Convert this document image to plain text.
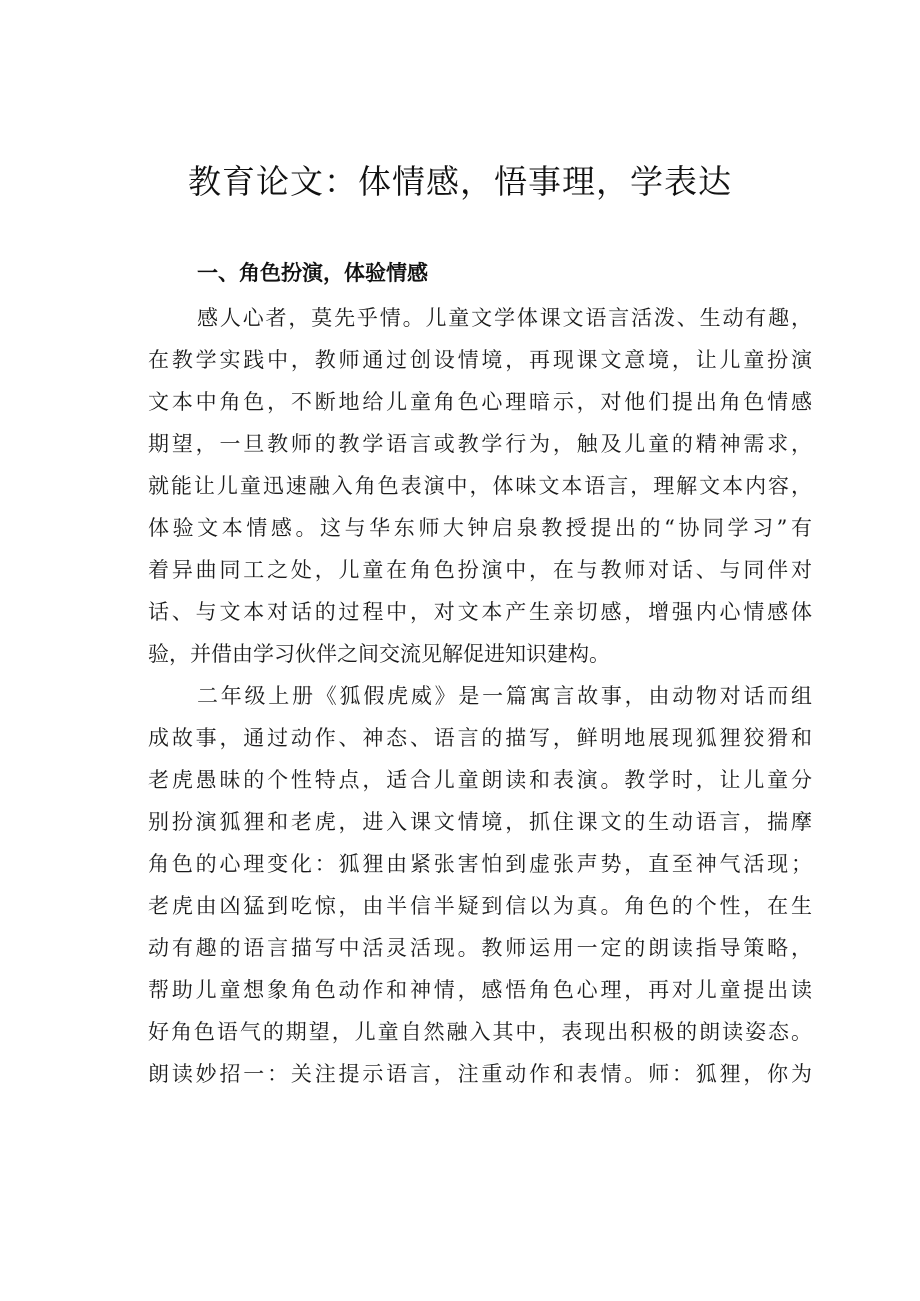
教育论文：体情感，悟事理，学表达
一、角色扮演，体验情感
感人心者，莫先乎情。儿童文学体课文语言活泼、生动有趣，
在教学实践中，教师通过创设情境，再现课文意境，让儿童扮演
文本中角色，不断地给儿童角色心理暗示，对他们提出角色情感
期望，一旦教师的教学语言或教学行为，触及儿童的精神需求，
就能让儿童迅速融入角色表演中，体味文本语言，理解文本内容，
体验文本情感。这与华东师大钟启泉教授提出的“协同学习”有
着异曲同工之处，儿童在角色扮演中，在与教师对话、与同伴对
话、与文本对话的过程中，对文本产生亲切感，增强内心情感体
验，并借由学习伙伴之间交流见解促进知识建构。
二年级上册《狐假虎威》是一篇寓言故事，由动物对话而组
成故事，通过动作、神态、语言的描写，鲜明地展现狐狸狡猾和
老虎愚昧的个性特点，适合儿童朗读和表演。教学时，让儿童分
别扮演狐狸和老虎，进入课文情境，抓住课文的生动语言，揣摩
角色的心理变化：狐狸由紧张害怕到虚张声势，直至神气活现；
老虎由凶猛到吃惊，由半信半疑到信以为真。角色的个性，在生
动有趣的语言描写中活灵活现。教师运用一定的朗读指导策略，
帮助儿童想象角色动作和神情，感悟角色心理，再对儿童提出读
好角色语气的期望，儿童自然融入其中，表现出积极的朗读姿态。
朗读妙招一：关注提示语言，注重动作和表情。师：狐狸，你为
